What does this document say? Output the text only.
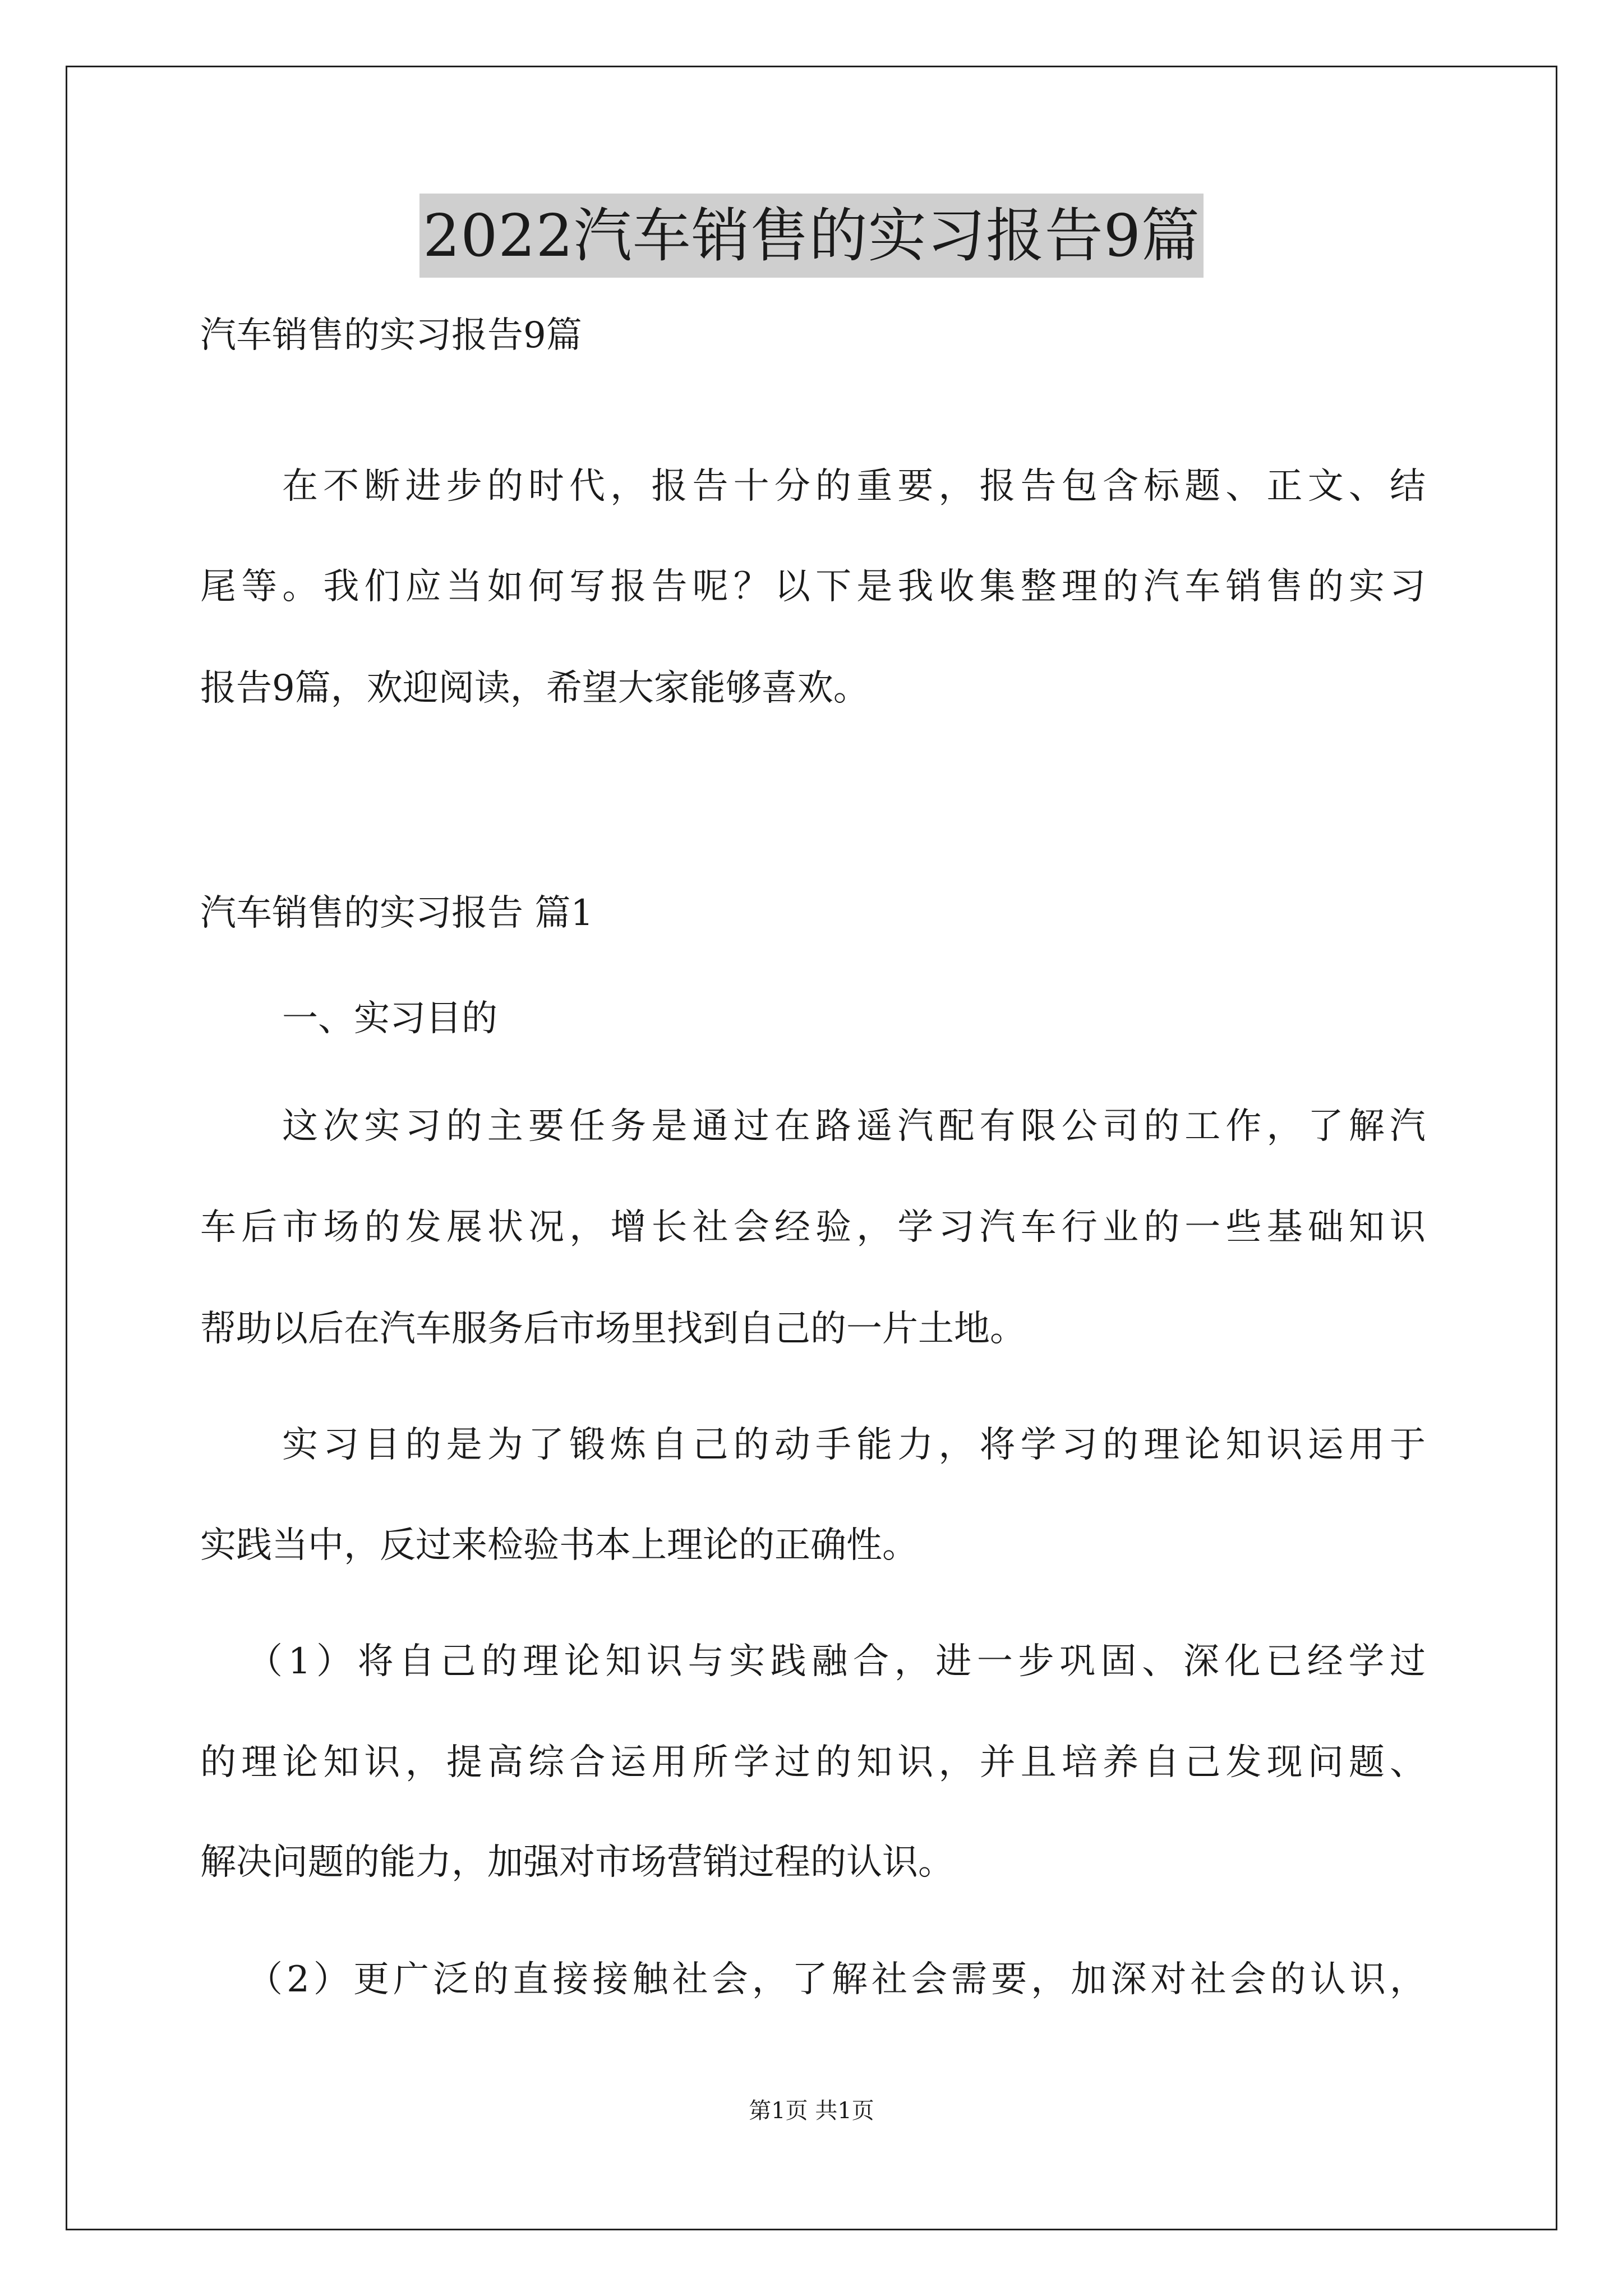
2022汽车销售的实习报告9篇
汽车销售的实习报告9篇
在不断进步的时代，报告十分的重要，报告包含标题、正文、结
尾等。我们应当如何写报告呢？以下是我收集整理的汽车销售的实习
报告9篇，欢迎阅读，希望大家能够喜欢。
汽车销售的实习报告 篇1
一、实习目的
这次实习的主要任务是通过在路遥汽配有限公司的工作，了解汽
车后市场的发展状况，增长社会经验，学习汽车行业的一些基础知识
帮助以后在汽车服务后市场里找到自己的一片土地。
实习目的是为了锻炼自己的动手能力，将学习的理论知识运用于
实践当中，反过来检验书本上理论的正确性。
（1）将自己的理论知识与实践融合，进一步巩固、深化已经学过
的理论知识，提高综合运用所学过的知识，并且培养自己发现问题、
解决问题的能力，加强对市场营销过程的认识。
（2）更广泛的直接接触社会，了解社会需要，加深对社会的认识，
第1页 共1页
